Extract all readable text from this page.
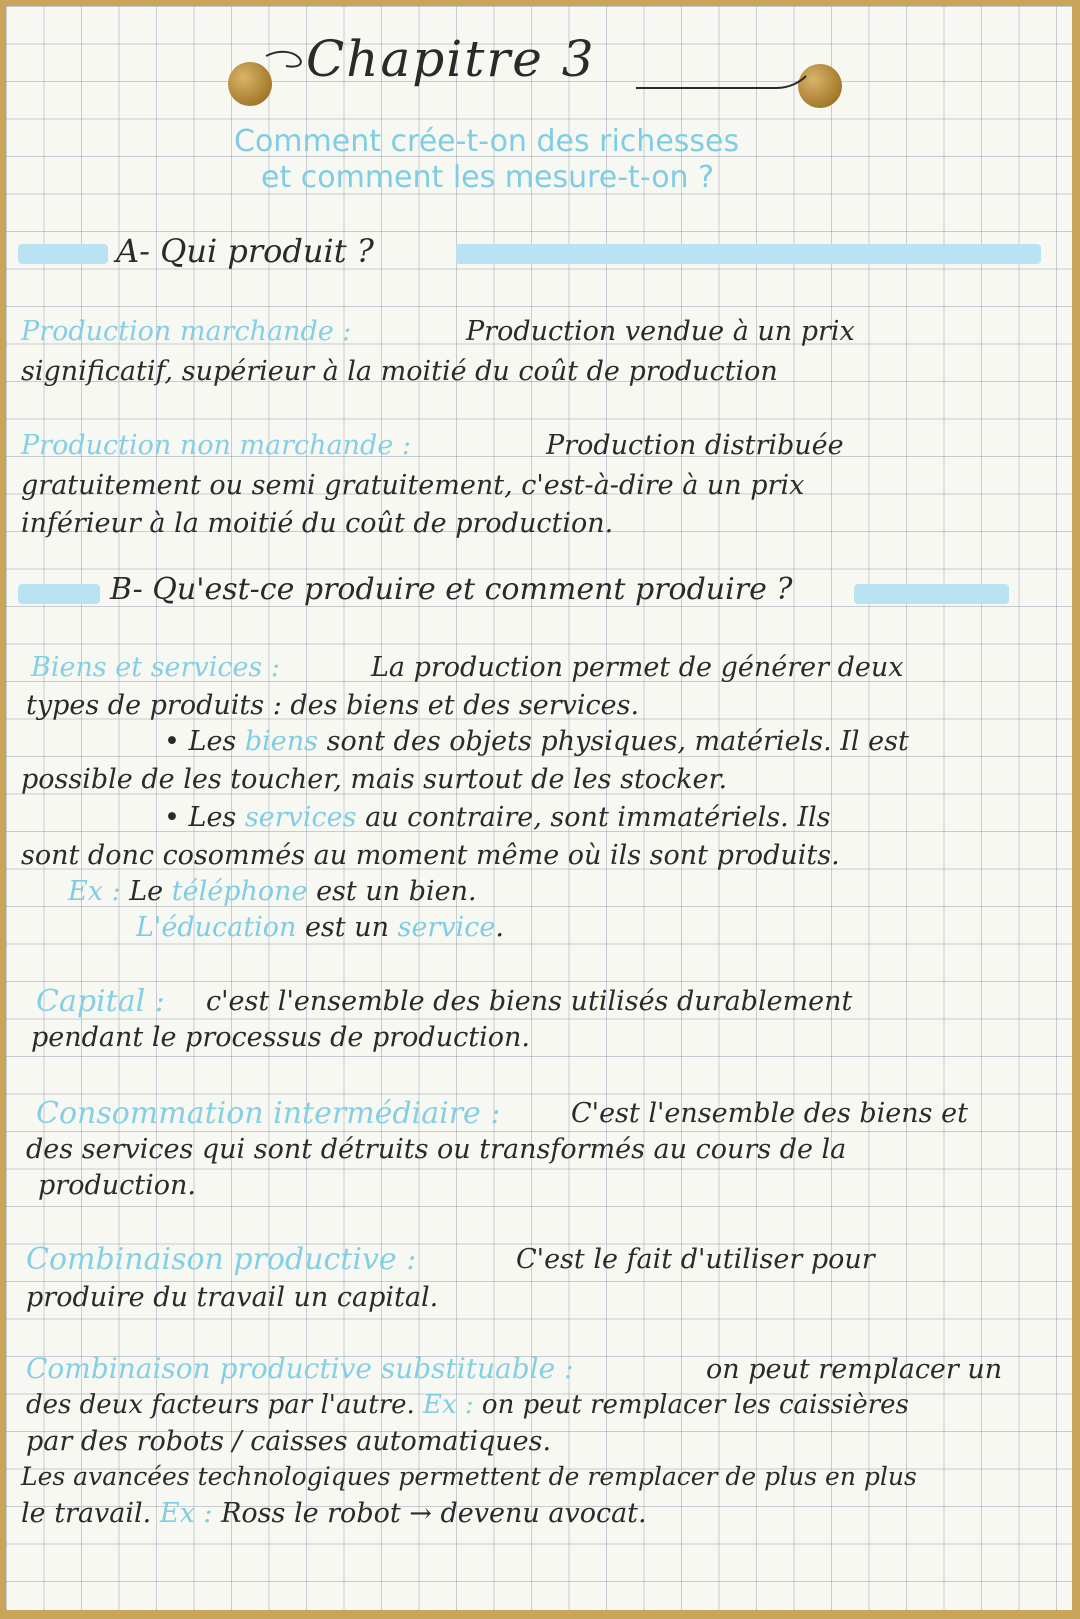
Chapitre 3
Comment crée-t-on des richesses
et comment les mesure-t-on ?
A- Qui produit ?
Production marchande :	Production vendue à un prix
significatif, supérieur à la moitié du coût de production
Production non marchande :	Production distribuée
gratuitement ou semi gratuitement, c'est-à-dire à un prix
inférieur à la moitié du coût de production.
B- Qu'est-ce produire et comment produire ?
Biens et services :	La production permet de générer deux
types de produits : des biens et des services.
• Les biens sont des objets physiques, matériels. Il est
possible de les toucher, mais surtout de les stocker.
• Les services au contraire, sont immatériels. Ils
sont donc cosommés au moment même où ils sont produits.
Ex : Le téléphone est un bien.
L'éducation est un service.
Capital : c'est l'ensemble des biens utilisés durablement
pendant le processus de production.
Consommation intermédiaire :	C'est l'ensemble des biens et
des services qui sont détruits ou transformés au cours de la
production.
Combinaison productive :	C'est le fait d'utiliser pour
produire du travail un capital.
Combinaison productive substituable :	on peut remplacer un
des deux facteurs par l'autre. Ex : on peut remplacer les caissières
par des robots / caisses automatiques.
Les avancées technologiques permettent de remplacer de plus en plus
le travail. Ex : Ross le robot → devenu avocat.
